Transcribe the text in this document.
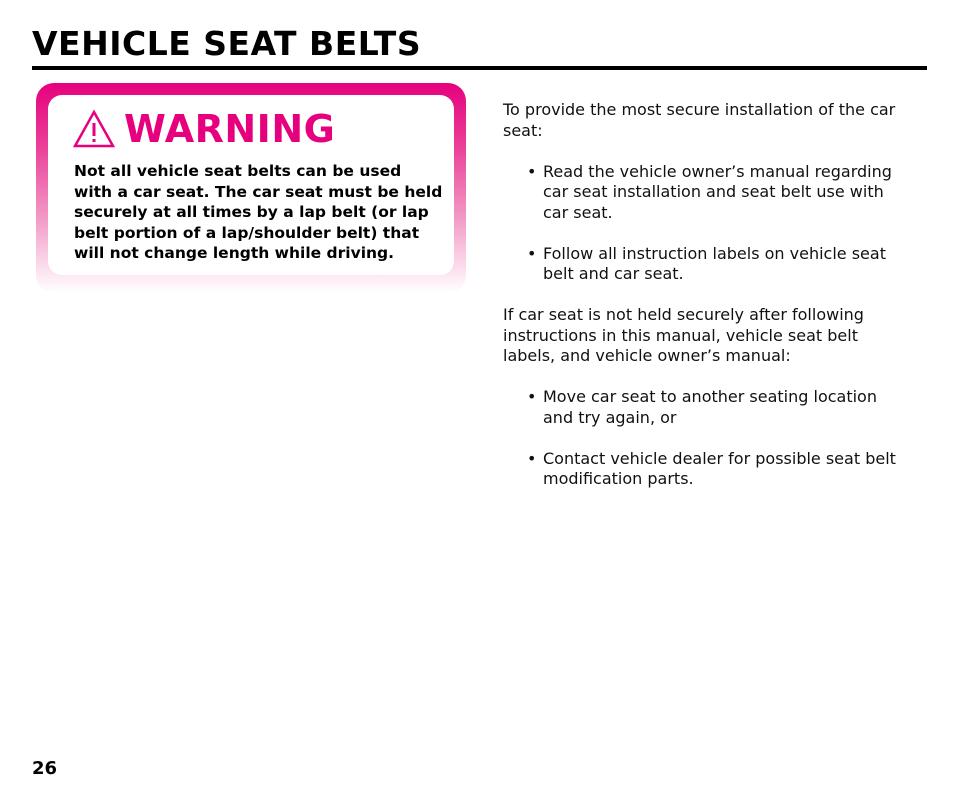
VEHICLE SEAT BELTS
WARNING

Not all vehicle seat belts can be used with a car seat. The car seat must be held securely at all times by a lap belt (or lap belt portion of a lap/shoulder belt) that will not change length while driving.

To provide the most secure installation of the car seat:

• Read the vehicle owner’s manual regarding car seat installation and seat belt use with car seat.
• Follow all instruction labels on vehicle seat belt and car seat.

If car seat is not held securely after following instructions in this manual, vehicle seat belt labels, and vehicle owner’s manual:

• Move car seat to another seating location and try again, or
• Contact vehicle dealer for possible seat belt modification parts.
26
